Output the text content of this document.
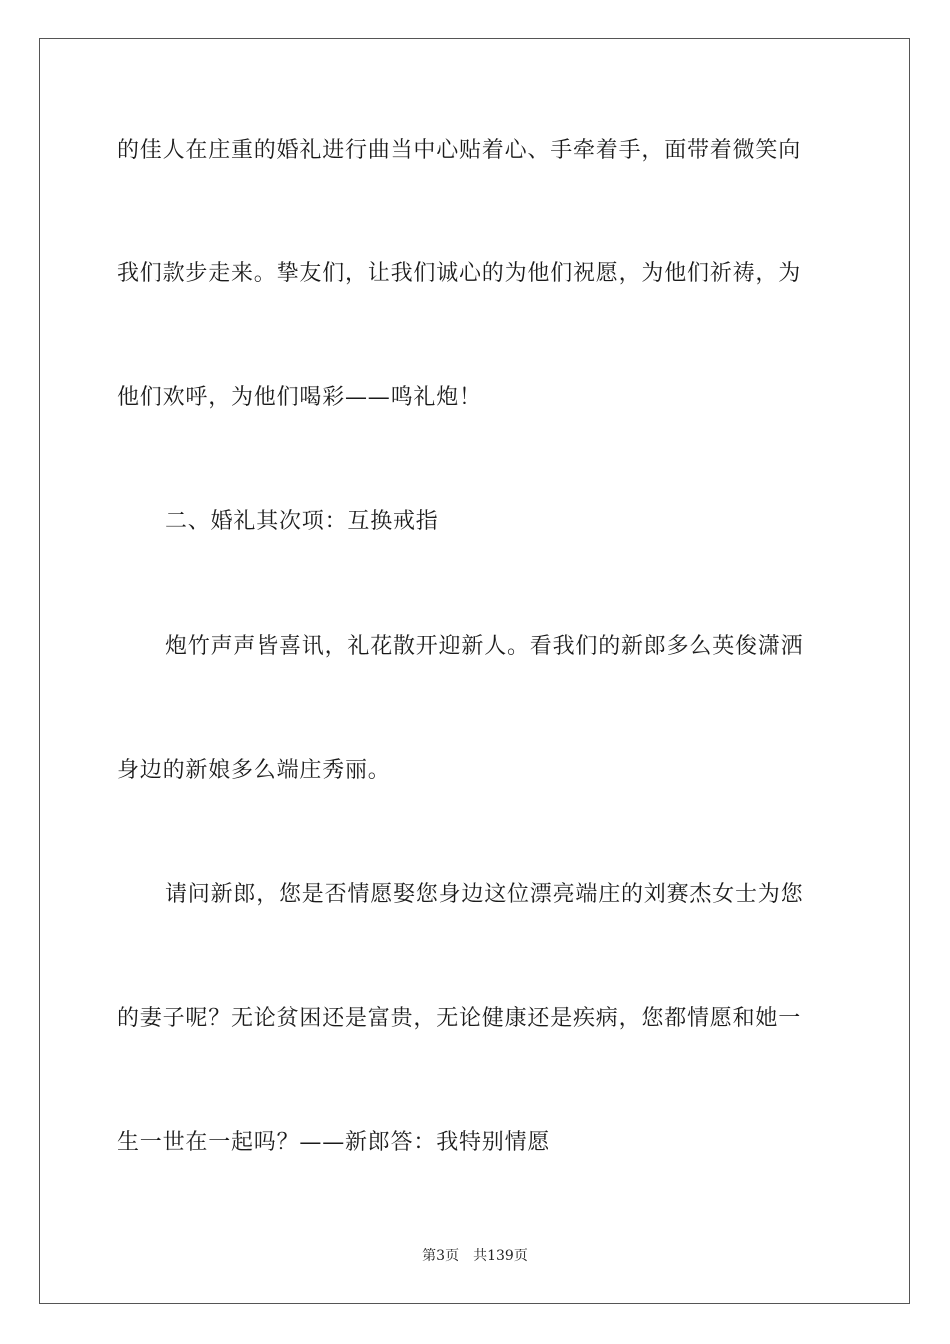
的佳人在庄重的婚礼进行曲当中心贴着心、手牵着手，面带着微笑向
我们款步走来。挚友们，让我们诚心的为他们祝愿，为他们祈祷，为
他们欢呼，为他们喝彩——鸣礼炮！
二、婚礼其次项：互换戒指
炮竹声声皆喜讯，礼花散开迎新人。看我们的新郎多么英俊潇洒
身边的新娘多么端庄秀丽。
请问新郎，您是否情愿娶您身边这位漂亮端庄的刘赛杰女士为您
的妻子呢？无论贫困还是富贵，无论健康还是疾病，您都情愿和她一
生一世在一起吗？——新郎答：我特别情愿
第3页 共139页
